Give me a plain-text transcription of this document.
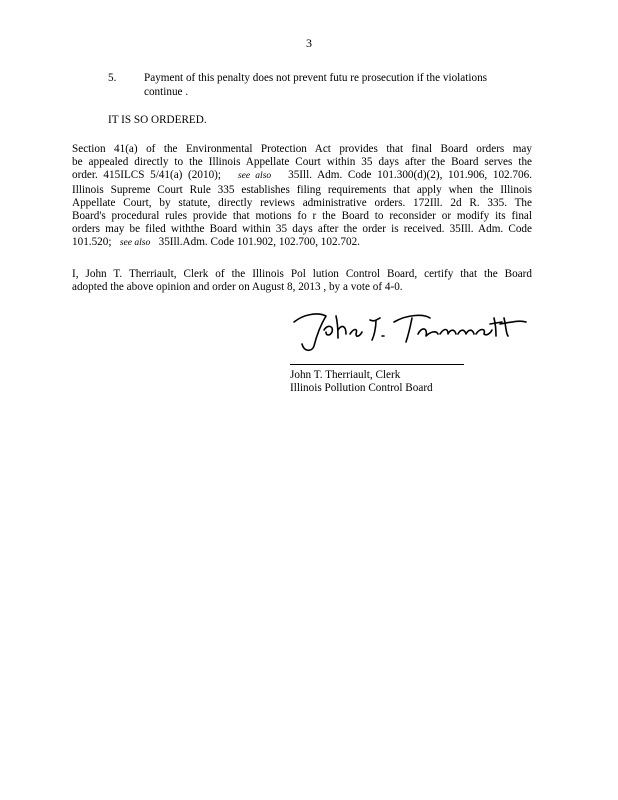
3
5. Payment of this penalty does not prevent futu re prosecution if the violations
continue .
IT IS SO ORDERED.
Section 41(a) of the Environmental Protection Act provides that final Board orders may
be appealed directly to the Illinois Appellate Court within 35 days after the Board serves the
order. 415ILCS 5/41(a) (2010); see also 35Ill. Adm. Code 101.300(d)(2), 101.906, 102.706.
Illinois Supreme Court Rule 335 establishes filing requirements that apply when the Illinois
Appellate Court, by statute, directly reviews administrative orders. 172Ill. 2d R. 335. The
Board's procedural rules provide that motions fo r the Board to reconsider or modify its final
orders may be filed withthe Board within 35 days after the order is received. 35Ill. Adm. Code
101.520; see also 35Ill.Adm. Code 101.902, 102.700, 102.702.
I, John T. Therriault, Clerk of the Illinois Pol lution Control Board, certify that the Board
adopted the above opinion and order on August 8, 2013 , by a vote of 4-0.
John T. Therriault, Clerk
Illinois Pollution Control Board
